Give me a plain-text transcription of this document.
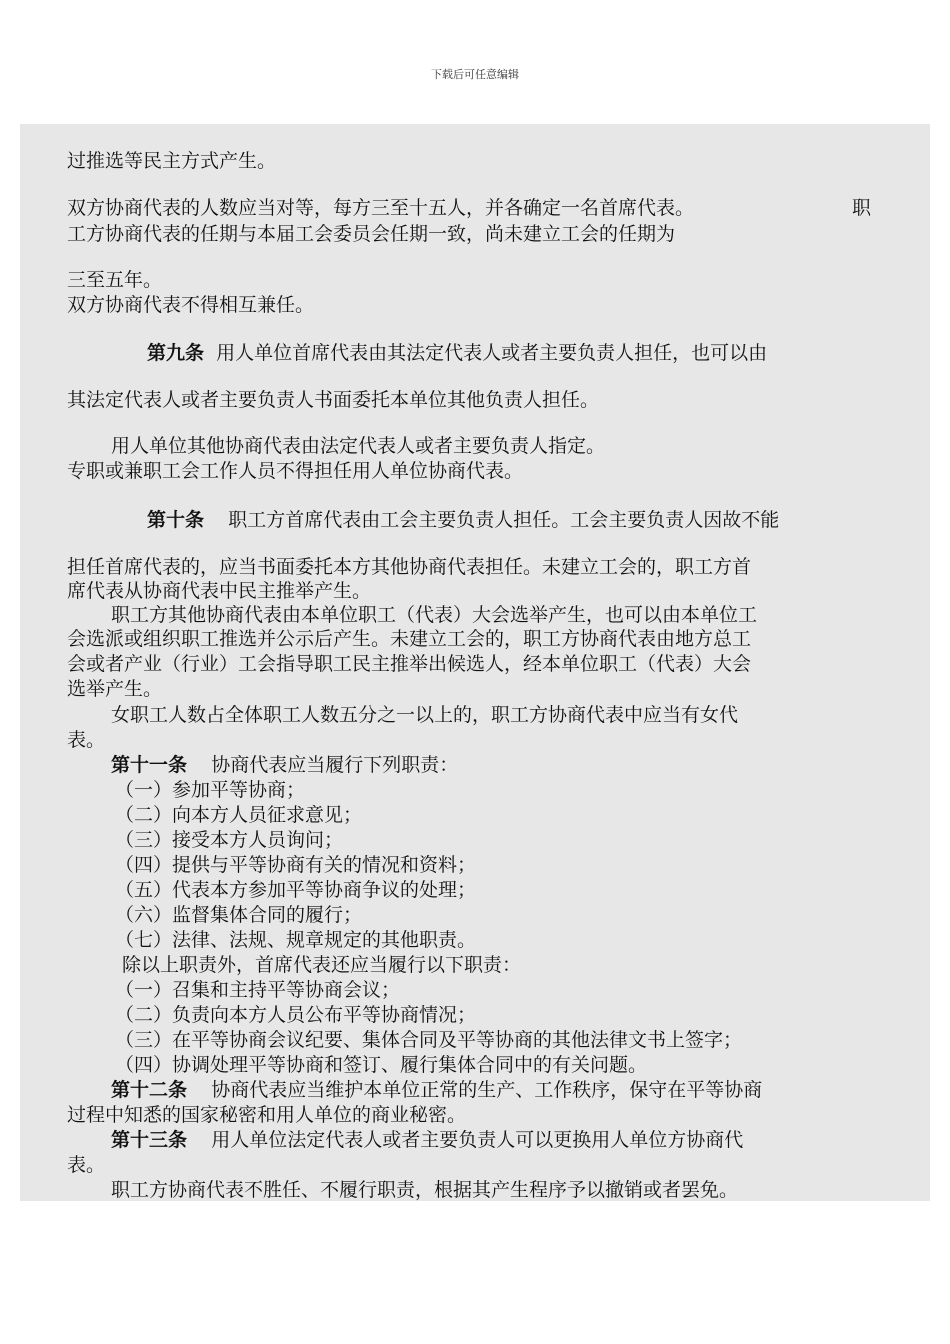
下载后可任意编辑
过推选等民主方式产生。
双方协商代表的人数应当对等，每方三至十五人，并各确定一名首席代表。	职
工方协商代表的任期与本届工会委员会任期一致，尚未建立工会的任期为
三至五年。
双方协商代表不得相互兼任。
第九条 用人单位首席代表由其法定代表人或者主要负责人担任，也可以由
其法定代表人或者主要负责人书面委托本单位其他负责人担任。
用人单位其他协商代表由法定代表人或者主要负责人指定。
专职或兼职工会工作人员不得担任用人单位协商代表。
第十条 职工方首席代表由工会主要负责人担任。工会主要负责人因故不能
担任首席代表的，应当书面委托本方其他协商代表担任。未建立工会的，职工方首
席代表从协商代表中民主推举产生。
职工方其他协商代表由本单位职工（代表）大会选举产生，也可以由本单位工
会选派或组织职工推选并公示后产生。未建立工会的，职工方协商代表由地方总工
会或者产业（行业）工会指导职工民主推举出候选人，经本单位职工（代表）大会
选举产生。
女职工人数占全体职工人数五分之一以上的，职工方协商代表中应当有女代
表。
第十一条 协商代表应当履行下列职责：
（一）参加平等协商；
（二）向本方人员征求意见；
（三）接受本方人员询问；
（四）提供与平等协商有关的情况和资料；
（五）代表本方参加平等协商争议的处理；
（六）监督集体合同的履行；
（七）法律、法规、规章规定的其他职责。
除以上职责外，首席代表还应当履行以下职责：
（一）召集和主持平等协商会议；
（二）负责向本方人员公布平等协商情况；
（三）在平等协商会议纪要、集体合同及平等协商的其他法律文书上签字；
（四）协调处理平等协商和签订、履行集体合同中的有关问题。
第十二条 协商代表应当维护本单位正常的生产、工作秩序，保守在平等协商
过程中知悉的国家秘密和用人单位的商业秘密。
第十三条 用人单位法定代表人或者主要负责人可以更换用人单位方协商代
表。
职工方协商代表不胜任、不履行职责，根据其产生程序予以撤销或者罢免。
